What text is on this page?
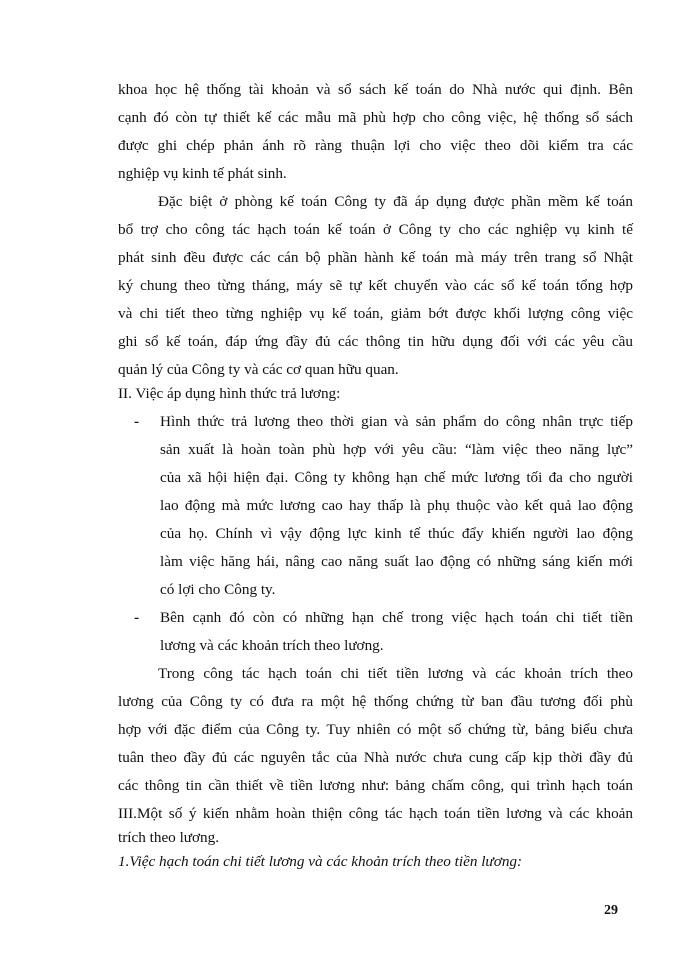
khoa học hệ thống tài khoản và sổ sách kế toán do Nhà nước qui định. Bên
cạnh đó còn tự thiết kế các mẫu mã phù hợp cho công việc, hệ thống sổ sách
được ghi chép phản ánh rõ ràng thuận lợi cho việc theo dõi kiểm tra các
nghiệp vụ kinh tế phát sinh.
Đặc biệt ở phòng kế toán Công ty đã áp dụng được phần mềm kế toán
bổ trợ cho công tác hạch toán kế toán ở Công ty cho các nghiệp vụ kinh tế
phát sinh đều được các cán bộ phần hành kế toán mà máy trên trang sổ Nhật
ký chung theo từng tháng, máy sẽ tự kết chuyển vào các sổ kế toán tổng hợp
và chi tiết theo từng nghiệp vụ kế toán, giảm bớt được khối lượng công việc
ghi sổ kế toán, đáp ứng đầy đủ các thông tin hữu dụng đối với các yêu cầu
quản lý của Công ty và các cơ quan hữu quan.
II. Việc áp dụng hình thức trả lương:
- Hình thức trả lương theo thời gian và sản phẩm do công nhân trực tiếp
sản xuất là hoàn toàn phù hợp với yêu cầu: “làm việc theo năng lực”
của xã hội hiện đại. Công ty không hạn chế mức lương tối đa cho người
lao động mà mức lương cao hay thấp là phụ thuộc vào kết quả lao động
của họ. Chính vì vậy động lực kinh tế thúc đẩy khiến người lao động
làm việc hăng hái, nâng cao năng suất lao động có những sáng kiến mới
có lợi cho Công ty.
- Bên cạnh đó còn có những hạn chế trong việc hạch toán chi tiết tiền
lương và các khoản trích theo lương.
Trong công tác hạch toán chi tiết tiền lương và các khoản trích theo
lương của Công ty có đưa ra một hệ thống chứng từ ban đầu tương đối phù
hợp với đặc điểm của Công ty. Tuy nhiên có một số chứng từ, bảng biểu chưa
tuân theo đầy đủ các nguyên tắc của Nhà nước chưa cung cấp kịp thời đầy đủ
các thông tin cần thiết về tiền lương như: bảng chấm công, qui trình hạch toán
III.Một số ý kiến nhằm hoàn thiện công tác hạch toán tiền lương và các khoản
trích theo lương.
1.Việc hạch toán chi tiết lương và các khoản trích theo tiền lương:
29
